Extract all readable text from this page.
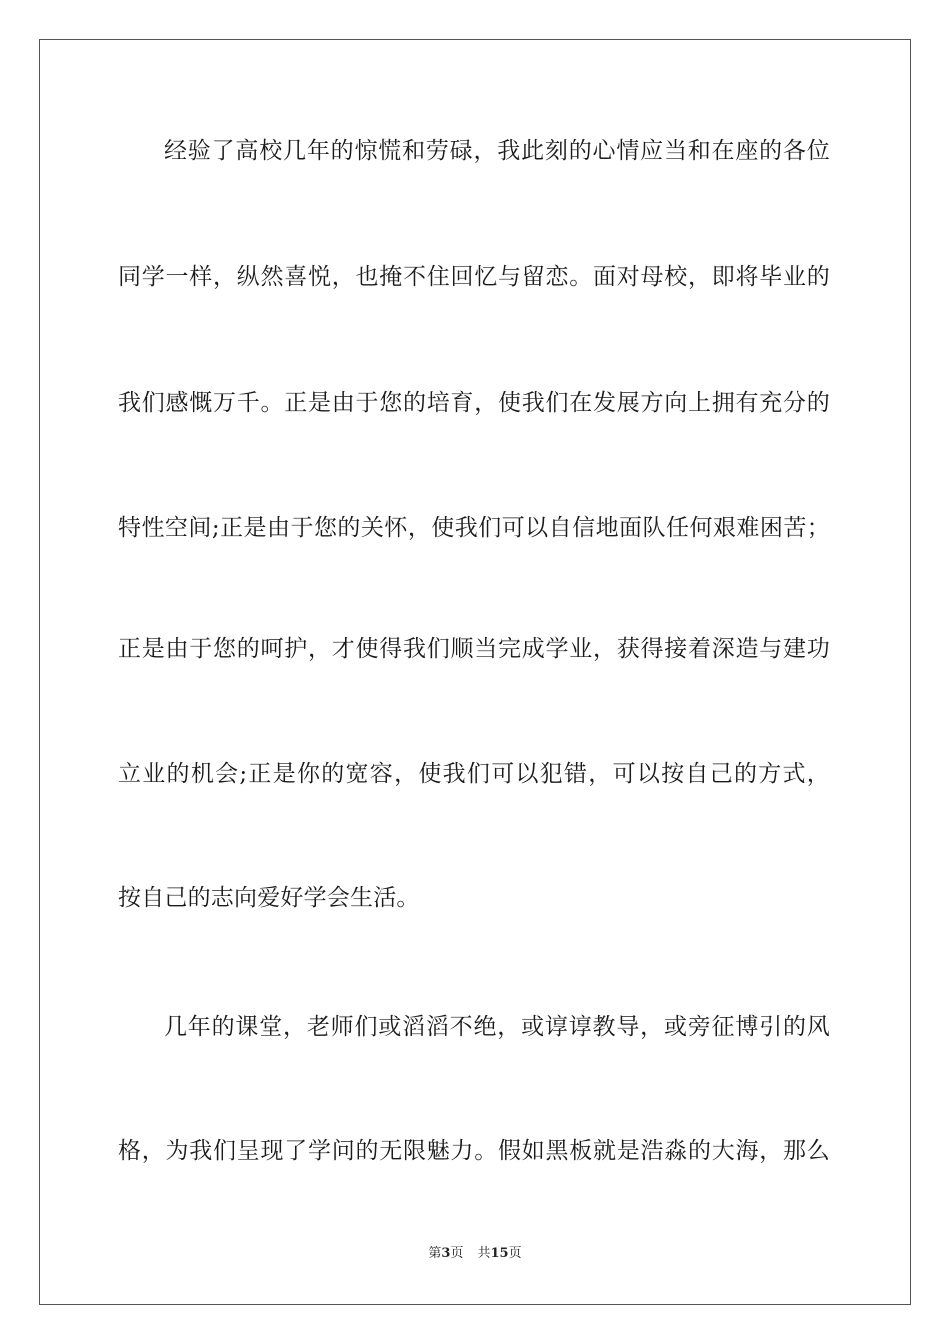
经验了高校几年的惊慌和劳碌，我此刻的心情应当和在座的各位
同学一样，纵然喜悦，也掩不住回忆与留恋。面对母校，即将毕业的
我们感慨万千。正是由于您的培育，使我们在发展方向上拥有充分的
特性空间;正是由于您的关怀，使我们可以自信地面队任何艰难困苦；
正是由于您的呵护，才使得我们顺当完成学业，获得接着深造与建功
立业的机会;正是你的宽容，使我们可以犯错，可以按自己的方式，
按自己的志向爱好学会生活。
几年的课堂，老师们或滔滔不绝，或谆谆教导，或旁征博引的风
格，为我们呈现了学问的无限魅力。假如黑板就是浩淼的大海，那么
第3页 共15页
